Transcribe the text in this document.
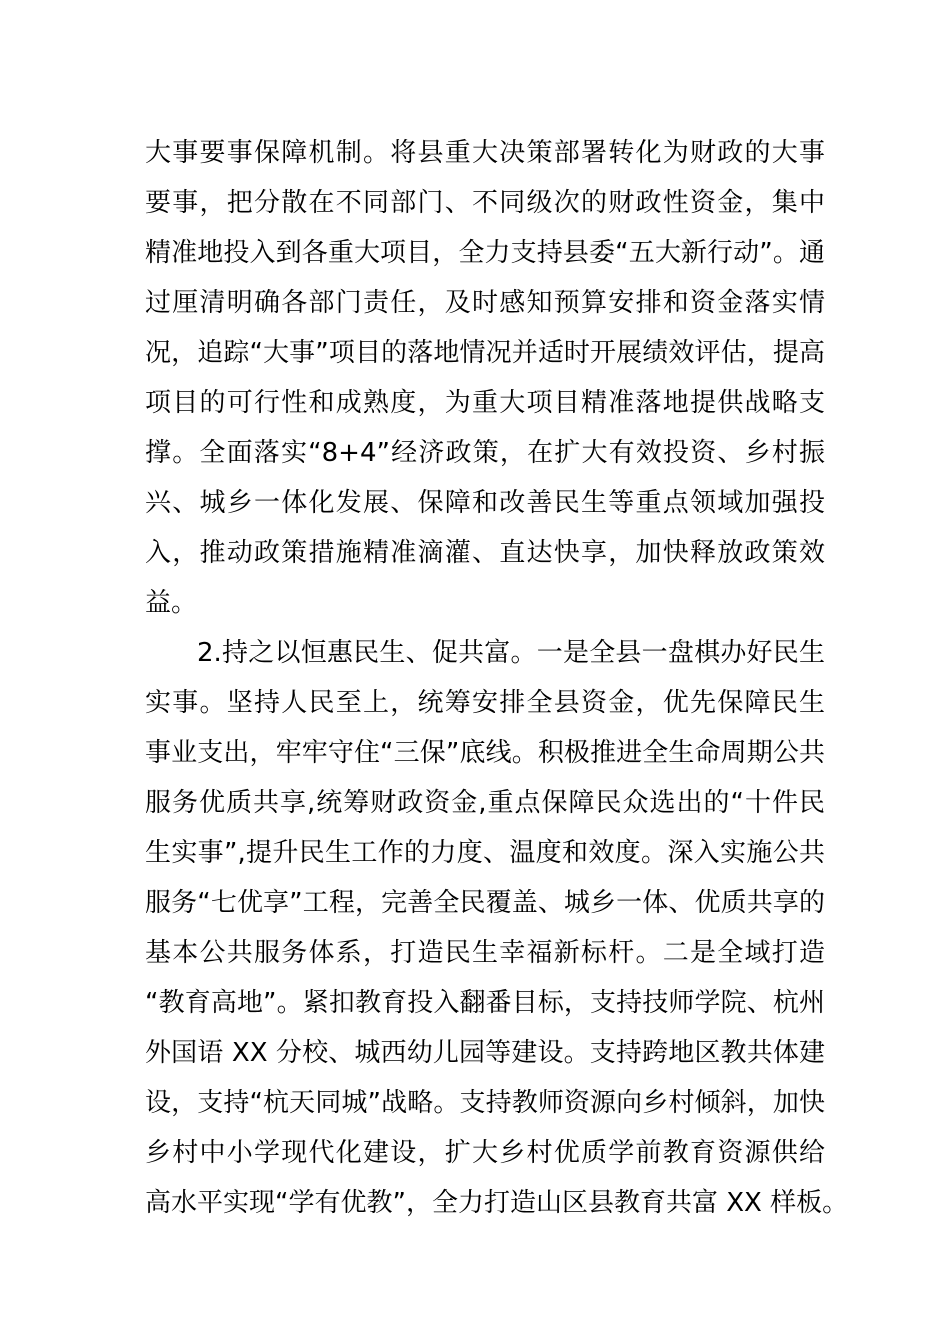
大事要事保障机制。将县重大决策部署转化为财政的大事
要事，把分散在不同部门、不同级次的财政性资金，集中
精准地投入到各重大项目，全力支持县委“五大新行动”。通
过厘清明确各部门责任，及时感知预算安排和资金落实情
况，追踪“大事”项目的落地情况并适时开展绩效评估，提高
项目的可行性和成熟度，为重大项目精准落地提供战略支
撑。全面落实“8+4”经济政策，在扩大有效投资、乡村振
兴、城乡一体化发展、保障和改善民生等重点领域加强投
入，推动政策措施精准滴灌、直达快享，加快释放政策效
益。
2.持之以恒惠民生、促共富。一是全县一盘棋办好民生
实事。坚持人民至上，统筹安排全县资金，优先保障民生
事业支出，牢牢守住“三保”底线。积极推进全生命周期公共
服务优质共享,统筹财政资金,重点保障民众选出的“十件民
生实事”,提升民生工作的力度、温度和效度。深入实施公共
服务“七优享”工程，完善全民覆盖、城乡一体、优质共享的
基本公共服务体系，打造民生幸福新标杆。二是全域打造
“教育高地”。紧扣教育投入翻番目标，支持技师学院、杭州
外国语 XX 分校、城西幼儿园等建设。支持跨地区教共体建
设，支持“杭天同城”战略。支持教师资源向乡村倾斜，加快
乡村中小学现代化建设，扩大乡村优质学前教育资源供给
高水平实现“学有优教”，全力打造山区县教育共富 XX 样板。
